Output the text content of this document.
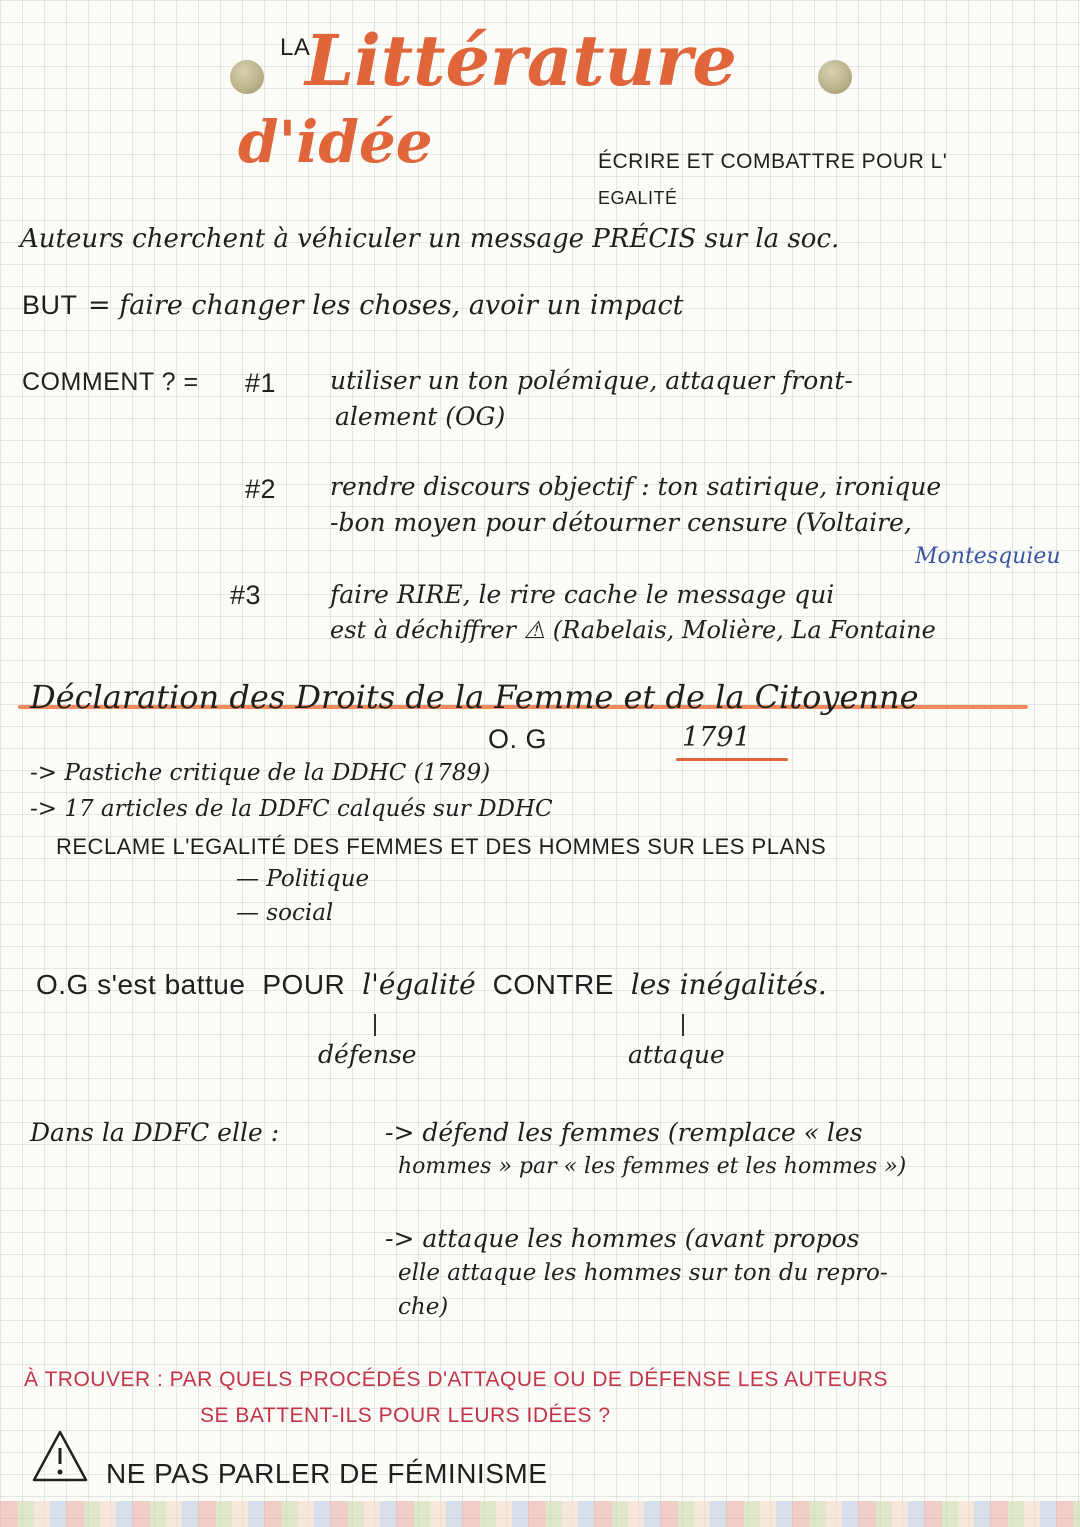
LA
Littérature
d'idée	ÉCRIRE ET COMBATTRE POUR L'
EGALITÉ
Auteurs cherchent à véhiculer un message PRÉCIS sur la soc.
BUT = faire changer les choses, avoir un impact
COMMENT ? = #1 utiliser un ton polémique, attaquer front-
alement (OG)
#2 rendre discours objectif : ton satirique, ironique
-bon moyen pour détourner censure (Voltaire,
Montesquieu
#3	faire RIRE, le rire cache le message qui
est à déchiffrer ⚠ (Rabelais, Molière, La Fontaine
Déclaration des Droits de la Femme et de la Citoyenne
O. G	1791
-> Pastiche critique de la DDHC (1789)
-> 17 articles de la DDFC calqués sur DDHC
RECLAME L'EGALITÉ DES FEMMES ET DES HOMMES SUR LES PLANS
— Politique
— social
O.G s'est battue POUR l'égalité CONTRE les inégalités.
défense	attaque
Dans la DDFC elle :	-> défend les femmes (remplace « les
hommes » par « les femmes et les hommes »)
-> attaque les hommes (avant propos
elle attaque les hommes sur ton du repro-
che)
À TROUVER : PAR QUELS PROCÉDÉS D'ATTAQUE OU DE DÉFENSE LES AUTEURS
SE BATTENT-ILS POUR LEURS IDÉES ?
NE PAS PARLER DE FÉMINISME
